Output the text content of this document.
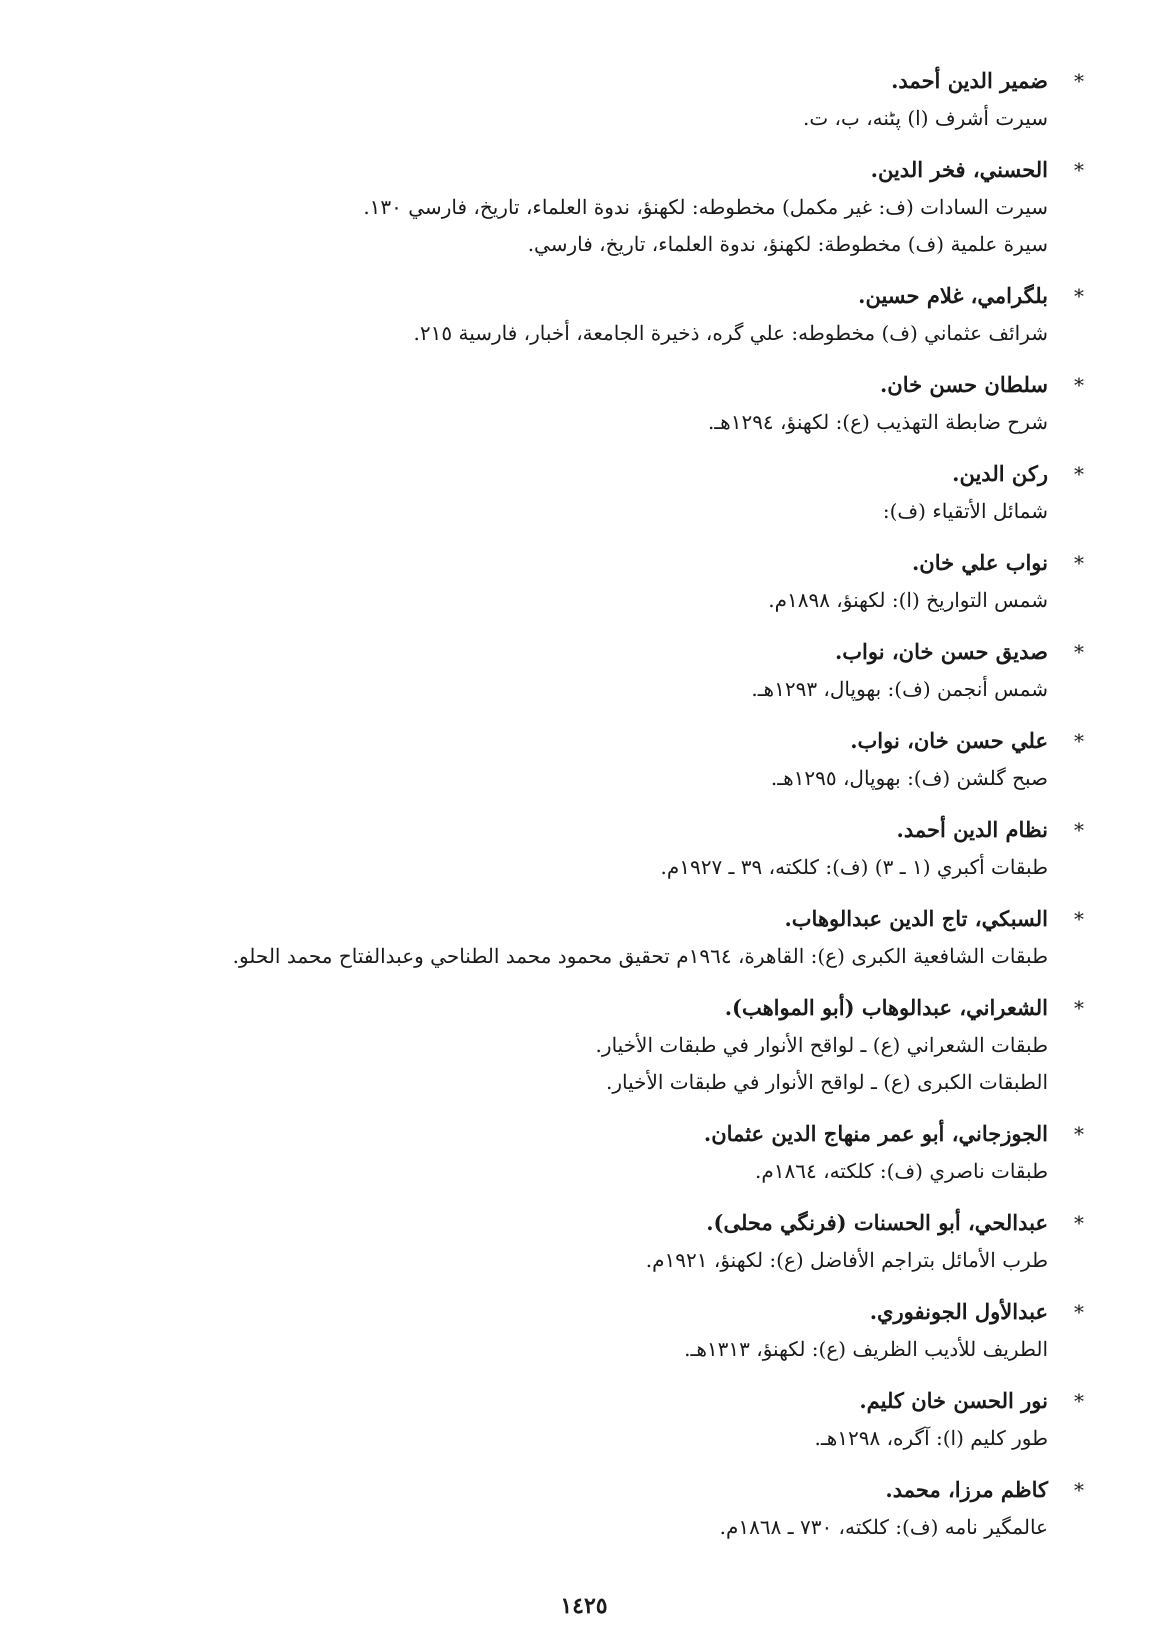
*ضمير الدين أحمد.
سيرت أشرف (ا) پٹنه، ب، ت.
*الحسني، فخر الدين.
سيرت السادات (ف: غير مكمل) مخطوطه: لكهنؤ، ندوة العلماء، تاريخ، فارسي ١٣٠.
سيرة علمية (ف) مخطوطة: لكهنؤ، ندوة العلماء، تاريخ، فارسي.
*بلگرامي، غلام حسين.
شرائف عثماني (ف) مخطوطه: علي گره، ذخيرة الجامعة، أخبار، فارسية ٢١٥.
*سلطان حسن خان.
شرح ضابطة التهذيب (ع): لكهنؤ، ١٢٩٤هـ.
*ركن الدين.
شمائل الأتقياء (ف):
*نواب علي خان.
شمس التواريخ (ا): لكهنؤ، ١٨٩٨م.
*صديق حسن خان، نواب.
شمس أنجمن (ف): بهوپال، ١٢٩٣هـ.
*علي حسن خان، نواب.
صبح گلشن (ف): بهوپال، ١٢٩٥هـ.
*نظام الدين أحمد.
طبقات أكبري (١ ـ ٣) (ف): كلكته، ٣٩ ـ ١٩٢٧م.
*السبكي، تاج الدين عبدالوهاب.
طبقات الشافعية الكبرى (ع): القاهرة، ١٩٦٤م تحقيق محمود محمد الطناحي وعبدالفتاح محمد الحلو.
*الشعراني، عبدالوهاب (أبو المواهب).
طبقات الشعراني (ع) ـ لواقح الأنوار في طبقات الأخيار.
الطبقات الكبرى (ع) ـ لواقح الأنوار في طبقات الأخيار.
*الجوزجاني، أبو عمر منهاج الدين عثمان.
طبقات ناصري (ف): كلكته، ١٨٦٤م.
*عبدالحي، أبو الحسنات (فرنگي محلى).
طرب الأمائل بتراجم الأفاضل (ع): لكهنؤ، ١٩٢١م.
*عبدالأول الجونفوري.
الطريف للأديب الظريف (ع): لكهنؤ، ١٣١٣هـ.
*نور الحسن خان كليم.
طور كليم (ا): آگره، ١٢٩٨هـ.
*كاظم مرزا، محمد.
عالمگير نامه (ف): كلكته، ٧٣٠ ـ ١٨٦٨م.
١٤٢٥
